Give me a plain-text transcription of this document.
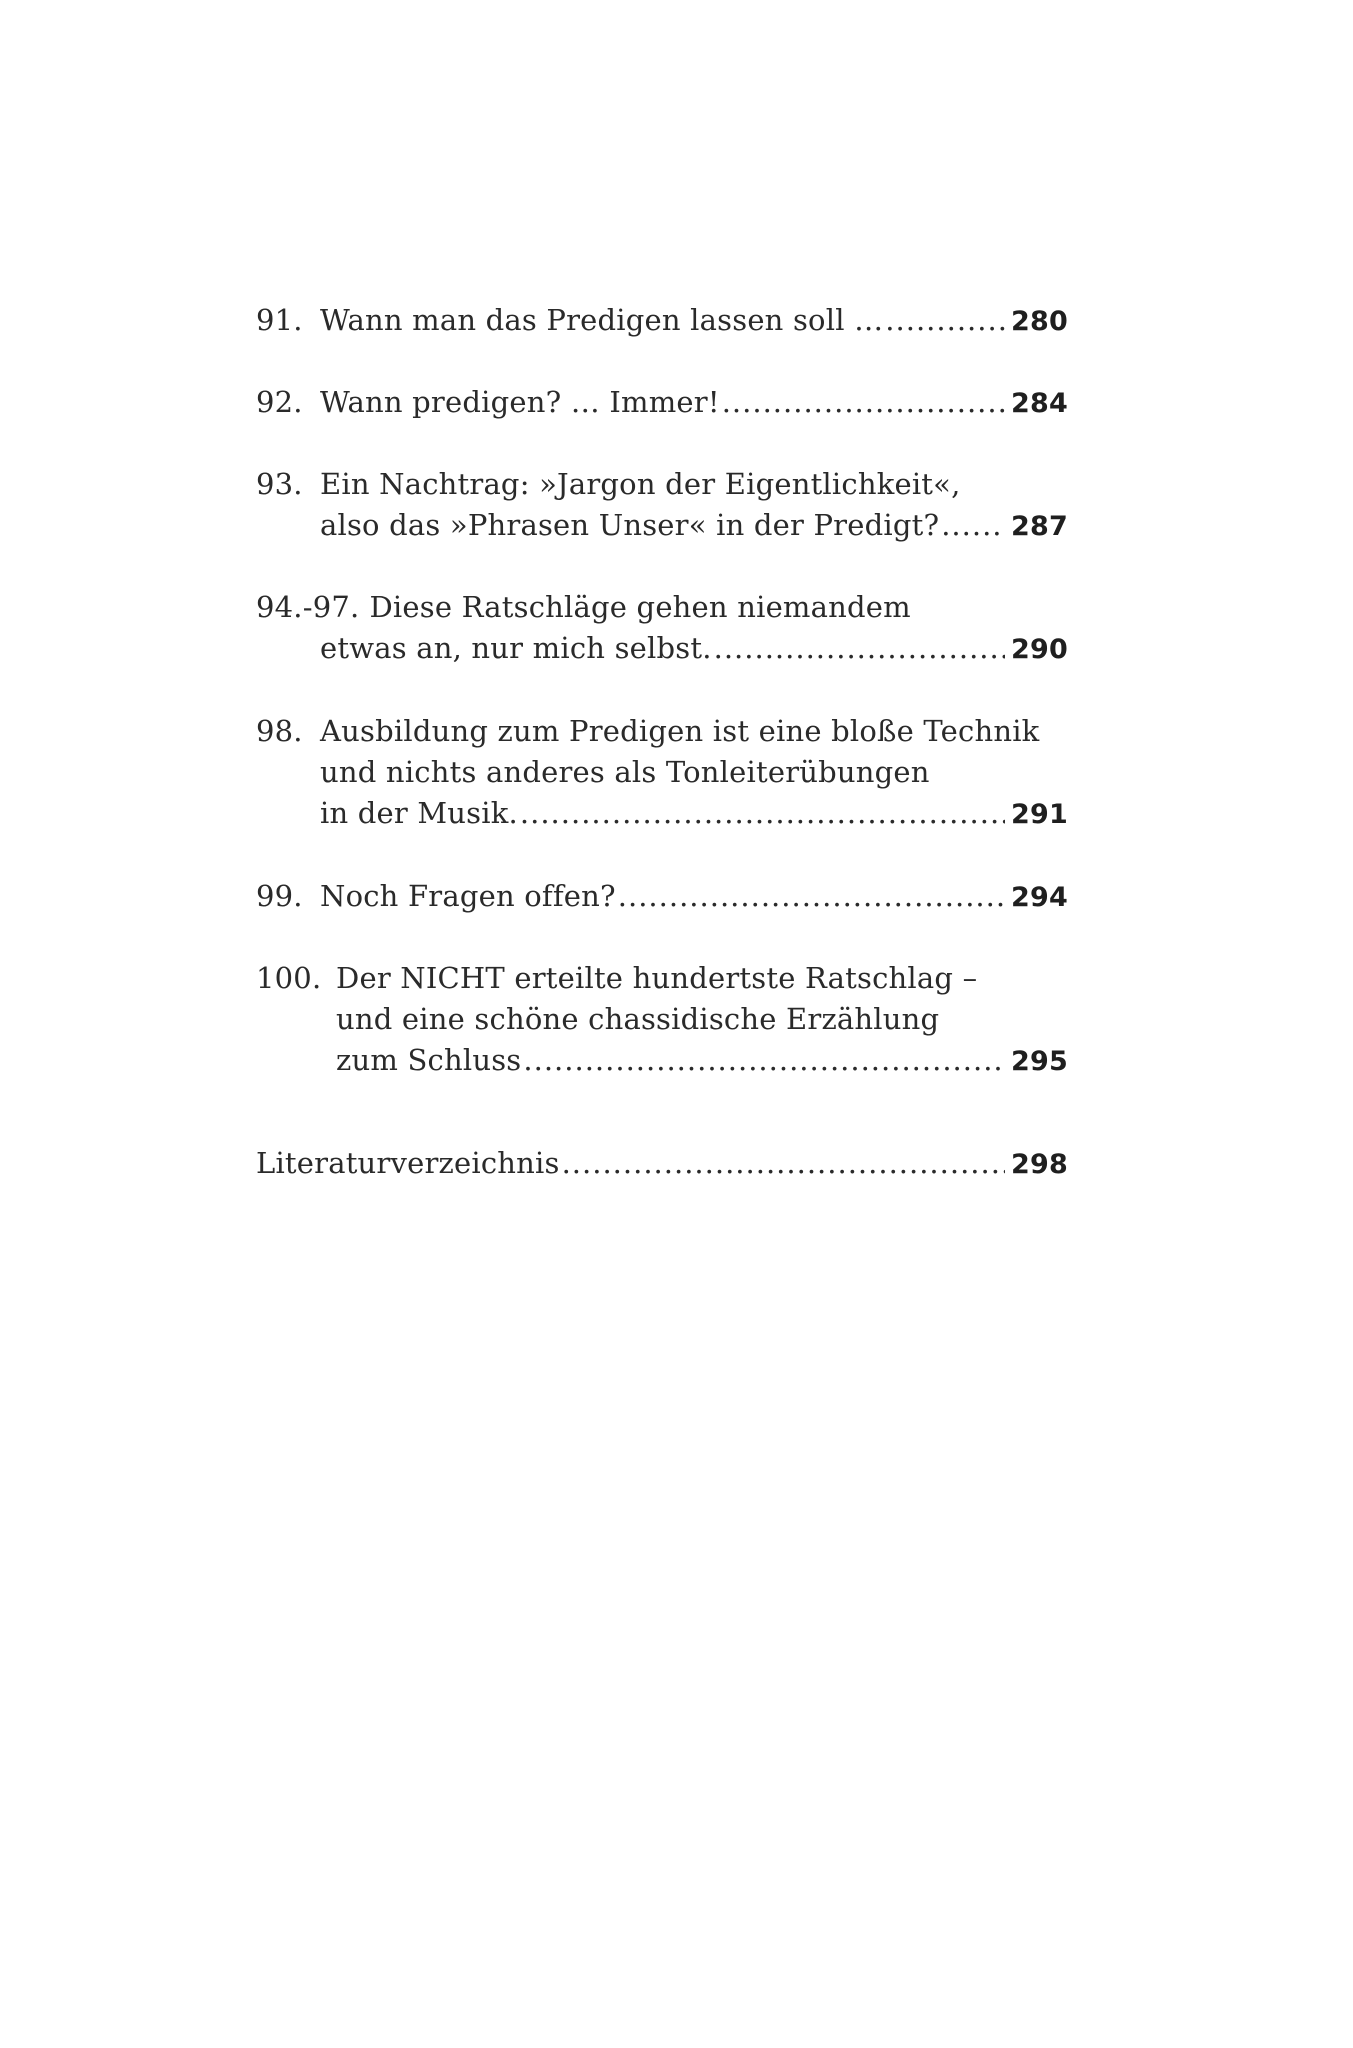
91. Wann man das Predigen lassen soll … .....	280
92. Wann predigen? … Immer! .....	284
93. Ein Nachtrag: »Jargon der Eigentlichkeit«,
also das »Phrasen Unser« in der Predigt? .....	287
94.-97. Diese Ratschläge gehen niemandem
etwas an, nur mich selbst. .....	290
98. Ausbildung zum Predigen ist eine bloße Technik
und nichts anderes als Tonleiterübungen
in der Musik. .....	291
99. Noch Fragen offen? .....	294
100. Der NICHT erteilte hundertste Ratschlag –
und eine schöne chassidische Erzählung
zum Schluss .....	295
Literaturverzeichnis .....	298
